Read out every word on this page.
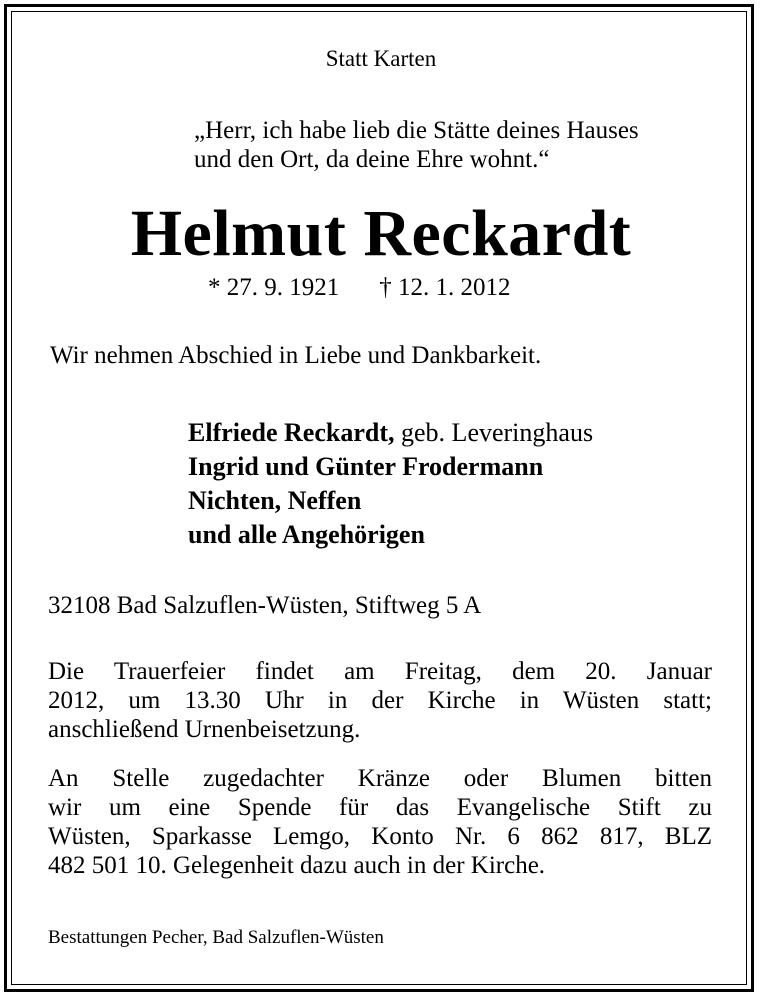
Statt Karten

„Herr, ich habe lieb die Stätte deines Hauses
und den Ort, da deine Ehre wohnt.“
Helmut Reckardt

* 27. 9. 1921 † 12. 1. 2012

Wir nehmen Abschied in Liebe und Dankbarkeit.

Elfriede Reckardt, geb. Leveringhaus
Ingrid und Günter Frodermann
Nichten, Neffen
und alle Angehörigen

32108 Bad Salzuflen-Wüsten, Stiftweg 5 A

Die Trauerfeier findet am Freitag, dem 20. Januar
2012, um 13.30 Uhr in der Kirche in Wüsten statt;
anschließend Urnenbeisetzung.
An Stelle zugedachter Kränze oder Blumen bitten
wir um eine Spende für das Evangelische Stift zu
Wüsten, Sparkasse Lemgo, Konto Nr. 6 862 817, BLZ
482 501 10. Gelegenheit dazu auch in der Kirche.

Bestattungen Pecher, Bad Salzuflen-Wüsten
